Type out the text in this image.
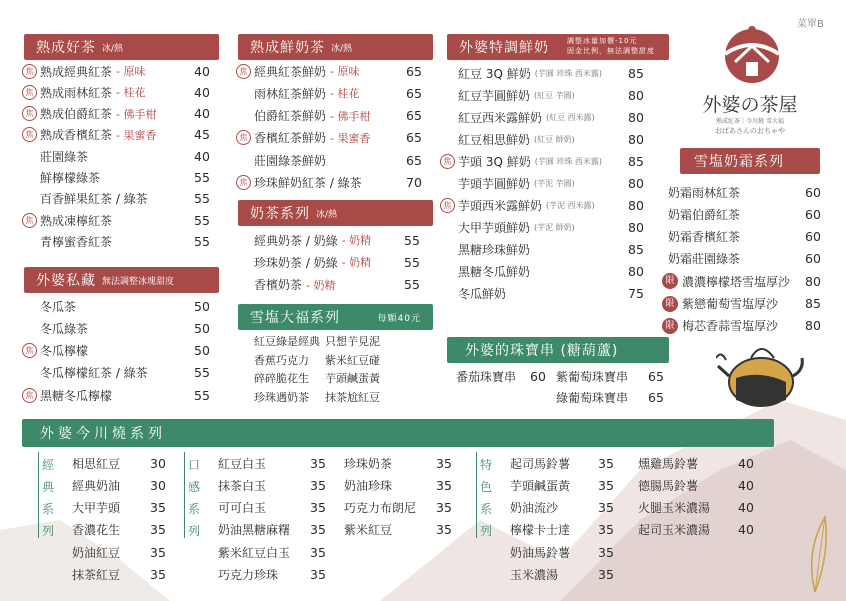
菜單B
外婆の茶屋
熟成紅茶｜今川燒 雪大福
おばあさんのおちゃや
熟成好茶 冰/熱
焦 熟成經典紅茶 - 原味	40
焦 熟成雨林紅茶 - 桂花	40
焦 熟成伯爵紅茶 - 佛手柑	40
焦 熟成香檳紅茶 - 果蜜香	45
莊園綠茶	40
鮮檸檬綠茶	55
百香鮮果紅茶 / 綠茶	55
焦 熟成凍檸紅茶	55
青檸蜜香紅茶	55
外婆私藏 無法調整冰塊甜度
冬瓜茶	50
冬瓜綠茶	50
焦 冬瓜檸檬	50
冬瓜檸檬紅茶 / 綠茶	55
焦 黑糖冬瓜檸檬	55
熟成鮮奶茶 冰/熱
焦 經典紅茶鮮奶 - 原味	65
雨林紅茶鮮奶 - 桂花	65
伯爵紅茶鮮奶 - 佛手柑	65
焦 香檳紅茶鮮奶 - 果蜜香	65
莊園綠茶鮮奶	65
焦 珍珠鮮奶紅茶 / 綠茶	70
奶茶系列 冰/熱
經典奶茶 / 奶綠 - 奶精	55
珍珠奶茶 / 奶綠 - 奶精	55
香檳奶茶 - 奶精	55
雪塩大福系列	每顆40元
紅豆綠是經典 只想芋見泥
香蕉巧克力 紫米紅豆碰
碎碎脆花生 芋頭鹹蛋黃
珍珠遇奶茶 抹茶尬紅豆
外婆特調鮮奶	調整冰量加價-10元
固金比例，無法調整甜度
紅豆 3Q 鮮奶 (芋圓 珍珠 西米露) 85
紅豆芋圓鮮奶 (紅豆 芋圓)	80
紅豆西米露鮮奶 (紅豆 西米露)	80
紅豆相思鮮奶 (紅豆 鮮奶)	80
焦 芋頭 3Q 鮮奶 (芋圓 珍珠 西米露) 85
芋頭芋圓鮮奶 (芋泥 芋圓)	80
焦 芋頭西米露鮮奶 (芋泥 西米露)	80
大甲芋頭鮮奶 (芋泥 鮮奶)	80
黑糖珍珠鮮奶	85
黑糖冬瓜鮮奶	80
冬瓜鮮奶	75
外婆的珠寶串 (糖葫蘆)
番茄珠寶串 60 紫葡萄珠寶串 65
綠葡萄珠寶串 65
雪塩奶霜系列
奶霜雨林紅茶	60
奶霜伯爵紅茶	60
奶霜香檳紅茶	60
奶霜莊園綠茶	60
限 濃濃檸檬塔雪塩厚沙 80
限 紫戀葡萄雪塩厚沙 85
限 梅芯香蒜雪塩厚沙 80
外婆今川燒系列
經
典
系
列
相思紅豆 30
經典奶油 30
大甲芋頭 35
香濃花生 35
奶油紅豆 35
抹茶紅豆 35
口
感
系
列
紅豆白玉	35
抹茶白玉	35
可可白玉	35
奶油黑糖麻糬 35
紫米紅豆白玉 35
巧克力珍珠	35
珍珠奶茶	35
奶油珍珠	35
巧克力布朗尼 35
紫米紅豆	35
特
色
系
列
起司馬鈴薯 35
芋頭鹹蛋黃 35
奶油流沙	35
檸檬卡士達 35
奶油馬鈴薯 35
玉米濃湯	35
燻雞馬鈴薯	40
德腸馬鈴薯	40
火腿玉米濃湯 40
起司玉米濃湯 40
